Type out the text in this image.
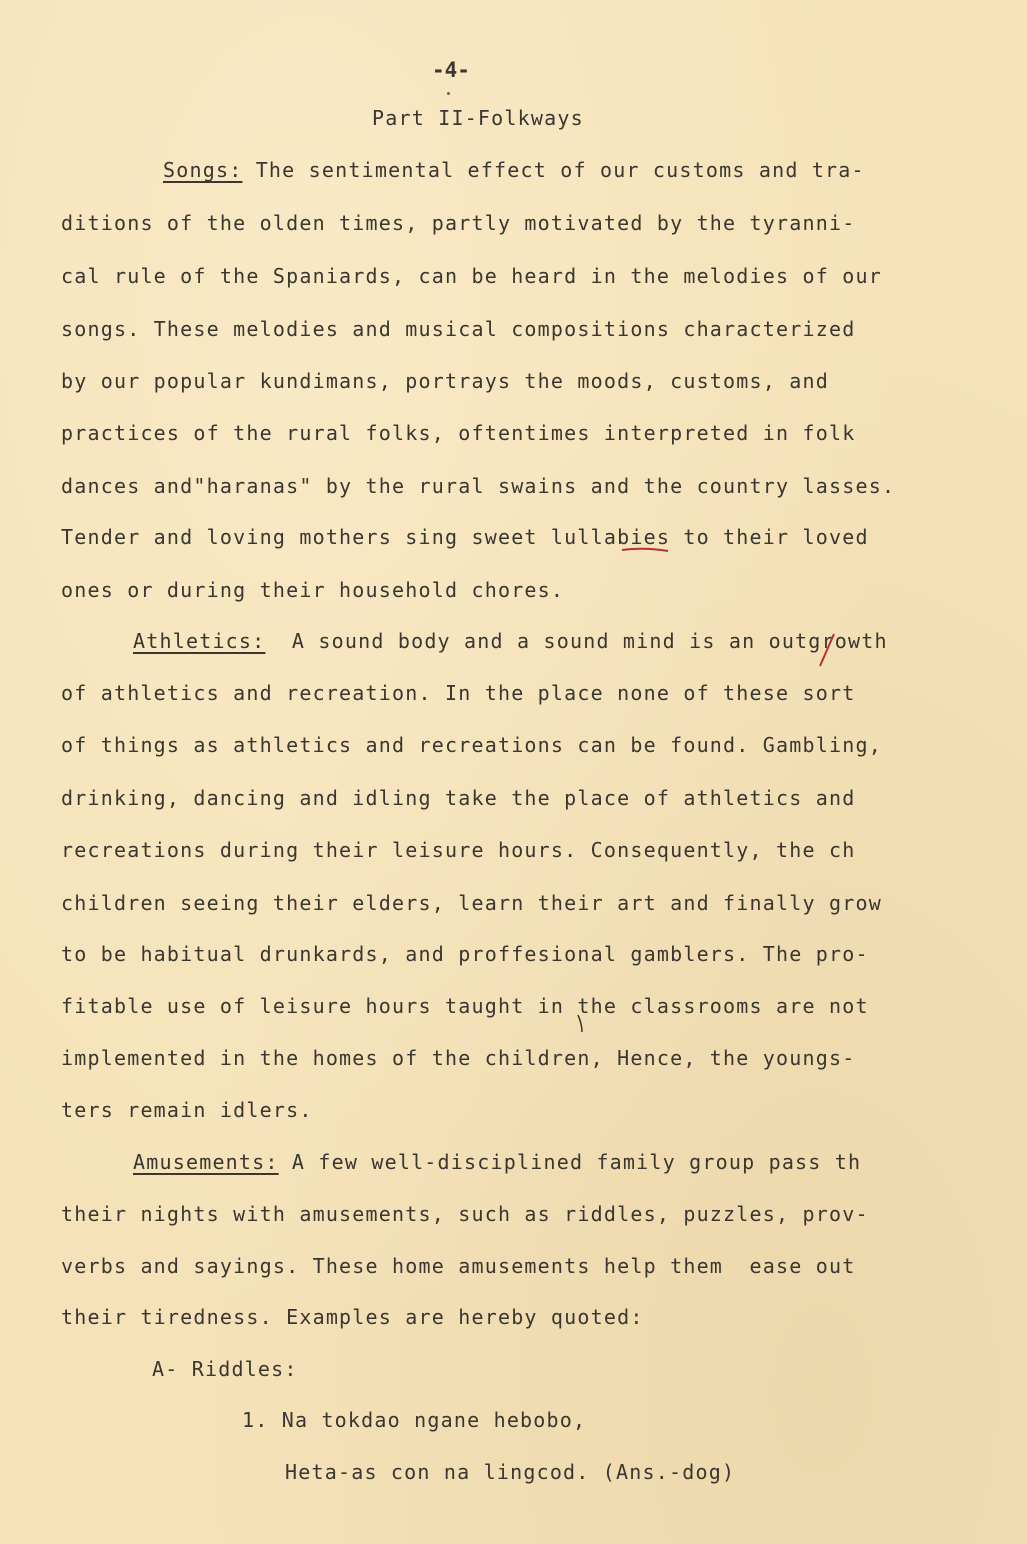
-4-
Part II-Folkways
Songs: The sentimental effect of our customs and tra-
ditions of the olden times, partly motivated by the tyranni-
cal rule of the Spaniards, can be heard in the melodies of our
songs. These melodies and musical compositions characterized
by our popular kundimans, portrays the moods, customs, and
practices of the rural folks, oftentimes interpreted in folk
dances and"haranas" by the rural swains and the country lasses.
Tender and loving mothers sing sweet lullabies to their loved
ones or during their household chores.
Athletics:  A sound body and a sound mind is an outgrowth
of athletics and recreation. In the place none of these sort
of things as athletics and recreations can be found. Gambling,
drinking, dancing and idling take the place of athletics and
recreations during their leisure hours. Consequently, the ch
children seeing their elders, learn their art and finally grow
to be habitual drunkards, and proffesional gamblers. The pro-
fitable use of leisure hours taught in the classrooms are not
implemented in the homes of the children, Hence, the youngs-
ters remain idlers.
Amusements: A few well-disciplined family group pass th
their nights with amusements, such as riddles, puzzles, prov-
verbs and sayings. These home amusements help them  ease out
their tiredness. Examples are hereby quoted:
A- Riddles:
1. Na tokdao ngane hebobo,
Heta-as con na lingcod. (Ans.-dog)
